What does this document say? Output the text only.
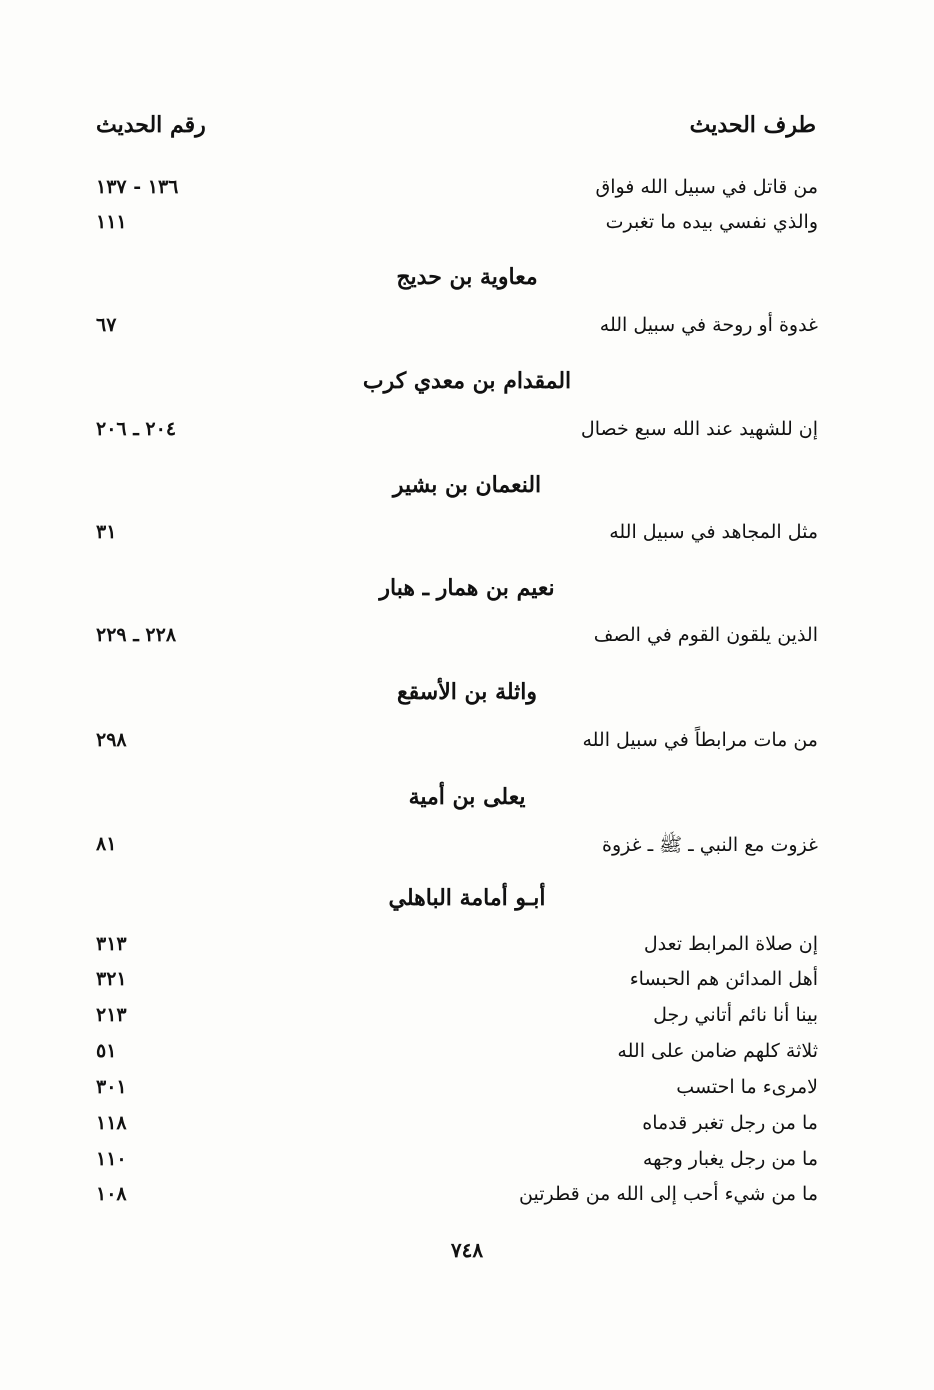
طرف الحديث
رقم الحديث
من قاتل في سبيل الله فواق
١٣٦ - ١٣٧
والذي نفسي بيده ما تغبرت
١١١
معاوية بن حديج
غدوة أو روحة في سبيل الله
٦٧
المقدام بن معدي كرب
إن للشهيد عند الله سبع خصال
٢٠٤ ـ ٢٠٦
النعمان بن بشير
مثل المجاهد في سبيل الله
٣١
نعيم بن همار ـ هبار
الذين يلقون القوم في الصف
٢٢٨ ـ ٢٢٩
واثلة بن الأسقع
من مات مرابطاً في سبيل الله
٢٩٨
يعلى بن أمية
غزوت مع النبي ـ ﷺ ـ غزوة
٨١
أبـو أمامة الباهلي
إن صلاة المرابط تعدل
٣١٣
أهل المدائن هم الحبساء
٣٢١
بينا أنا نائم أتاني رجل
٢١٣
ثلاثة كلهم ضامن على الله
٥١
لامرىء ما احتسب
٣٠١
ما من رجل تغبر قدماه
١١٨
ما من رجل يغبار وجهه
١١٠
ما من شيء أحب إلى الله من قطرتين
١٠٨
٧٤٨
